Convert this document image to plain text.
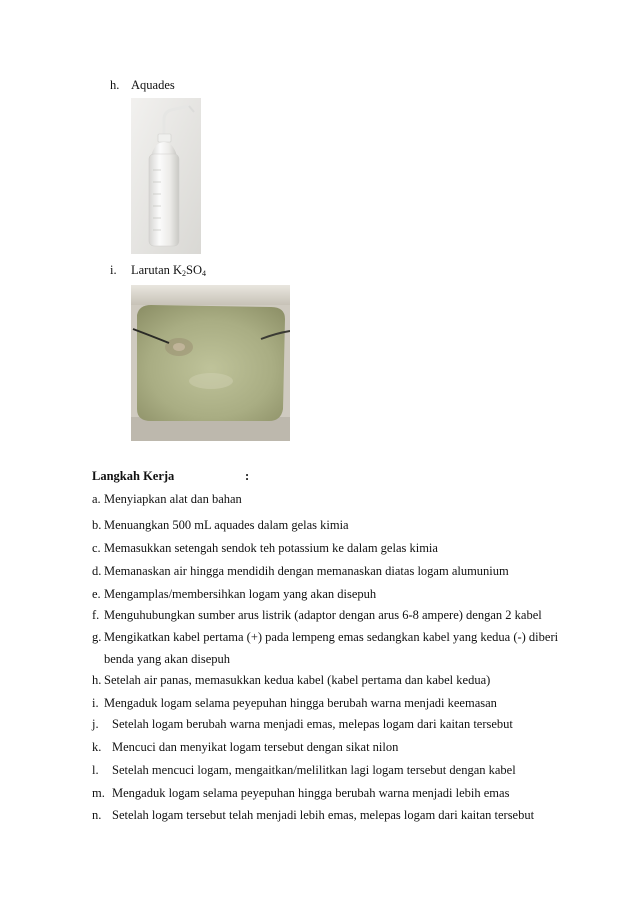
h. Aquades
i. Larutan $K_2SO_4$
Langkah Kerja	:
a. Menyiapkan alat dan bahan
b. Menuangkan 500 mL aquades dalam gelas kimia
c. Memasukkan setengah sendok teh potassium ke dalam gelas kimia
d. Memanaskan air hingga mendidih dengan memanaskan diatas logam alumunium
e. Mengamplas/membersihkan logam yang akan disepuh
f. Menguhubungkan sumber arus listrik (adaptor dengan arus 6-8 ampere) dengan 2 kabel
g. Mengikatkan kabel pertama (+) pada lempeng emas sedangkan kabel yang kedua (-) diberi
benda yang akan disepuh
h. Setelah air panas, memasukkan kedua kabel (kabel pertama dan kabel kedua)
i. Mengaduk logam selama peyepuhan hingga berubah warna menjadi keemasan
j. Setelah logam berubah warna menjadi emas, melepas logam dari kaitan tersebut
k. Mencuci dan menyikat logam tersebut dengan sikat nilon
l. Setelah mencuci logam, mengaitkan/melilitkan lagi logam tersebut dengan kabel
m. Mengaduk logam selama peyepuhan hingga berubah warna menjadi lebih emas
n. Setelah logam tersebut telah menjadi lebih emas, melepas logam dari kaitan tersebut
